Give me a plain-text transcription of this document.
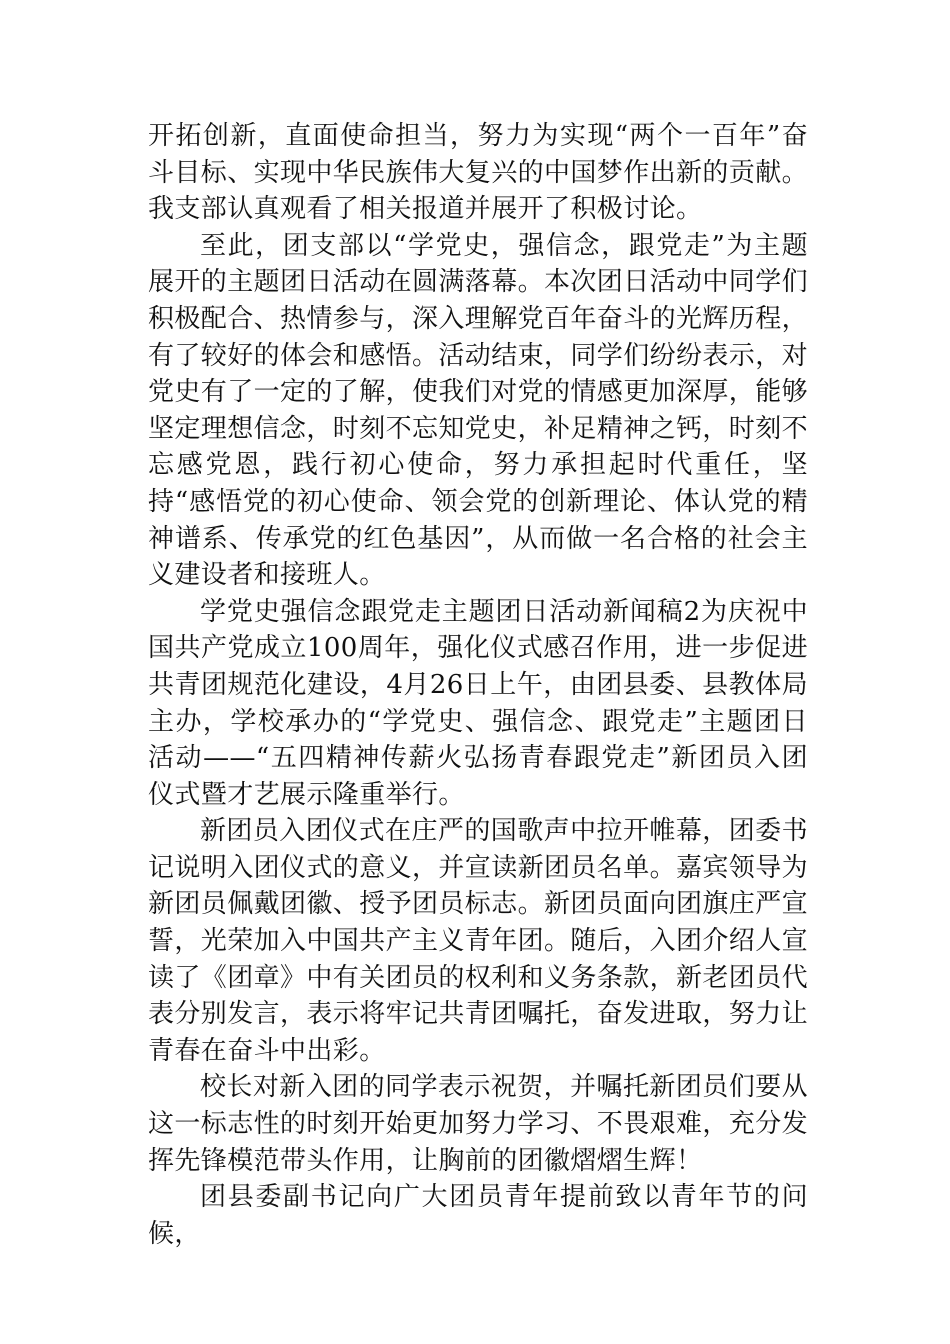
开拓创新，直面使命担当，努力为实现“两个一百年”奋斗目标、实现中华民族伟大复兴的中国梦作出新的贡献。我支部认真观看了相关报道并展开了积极讨论。

至此，团支部以“学党史，强信念，跟党走”为主题展开的主题团日活动在圆满落幕。本次团日活动中同学们积极配合、热情参与，深入理解党百年奋斗的光辉历程，有了较好的体会和感悟。活动结束，同学们纷纷表示，对党史有了一定的了解，使我们对党的情感更加深厚，能够坚定理想信念，时刻不忘知党史，补足精神之钙，时刻不忘感党恩，践行初心使命，努力承担起时代重任，坚持“感悟党的初心使命、领会党的创新理论、体认党的精神谱系、传承党的红色基因”，从而做一名合格的社会主义建设者和接班人。

学党史强信念跟党走主题团日活动新闻稿2为庆祝中国共产党成立100周年，强化仪式感召作用，进一步促进共青团规范化建设，4月26日上午，由团县委、县教体局主办，学校承办的“学党史、强信念、跟党走”主题团日活动——“五四精神传薪火弘扬青春跟党走”新团员入团仪式暨才艺展示隆重举行。

新团员入团仪式在庄严的国歌声中拉开帷幕，团委书记说明入团仪式的意义，并宣读新团员名单。嘉宾领导为新团员佩戴团徽、授予团员标志。新团员面向团旗庄严宣誓，光荣加入中国共产主义青年团。随后，入团介绍人宣读了《团章》中有关团员的权利和义务条款，新老团员代表分别发言，表示将牢记共青团嘱托，奋发进取，努力让青春在奋斗中出彩。

校长对新入团的同学表示祝贺，并嘱托新团员们要从这一标志性的时刻开始更加努力学习、不畏艰难，充分发挥先锋模范带头作用，让胸前的团徽熠熠生辉！

团县委副书记向广大团员青年提前致以青年节的问候，
